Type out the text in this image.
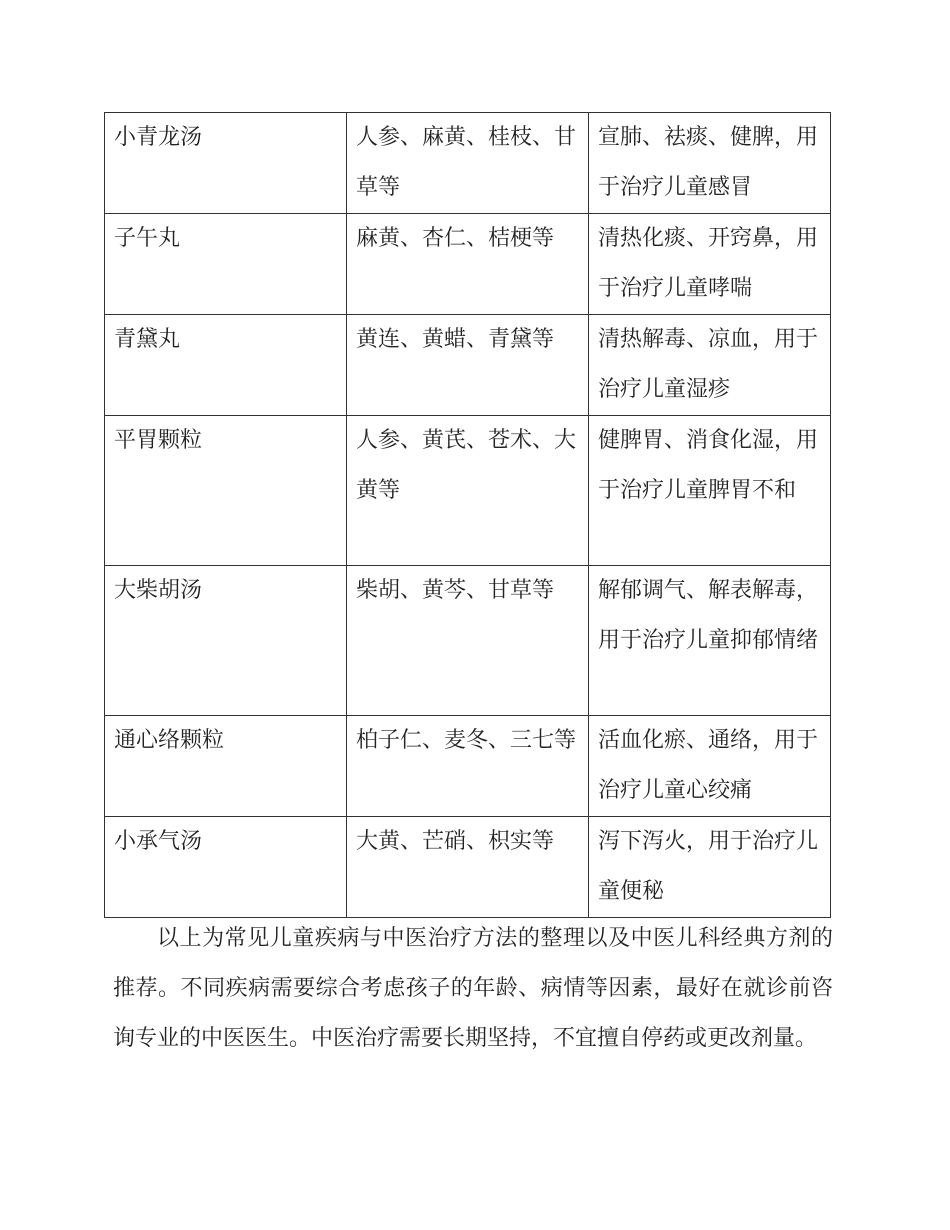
小青龙汤	人参、麻黄、桂枝、甘草等	宣肺、祛痰、健脾，用于治疗儿童感冒
子午丸	麻黄、杏仁、桔梗等	清热化痰、开窍鼻，用于治疗儿童哮喘
青黛丸	黄连、黄蜡、青黛等	清热解毒、凉血，用于治疗儿童湿疹
平胃颗粒	人参、黄芪、苍术、大黄等	健脾胃、消食化湿，用于治疗儿童脾胃不和
大柴胡汤	柴胡、黄芩、甘草等	解郁调气、解表解毒，用于治疗儿童抑郁情绪
通心络颗粒	柏子仁、麦冬、三七等	活血化瘀、通络，用于治疗儿童心绞痛
小承气汤	大黄、芒硝、枳实等	泻下泻火，用于治疗儿童便秘

以上为常见儿童疾病与中医治疗方法的整理以及中医儿科经典方剂的推荐。不同疾病需要综合考虑孩子的年龄、病情等因素，最好在就诊前咨询专业的中医医生。中医治疗需要长期坚持，不宜擅自停药或更改剂量。
